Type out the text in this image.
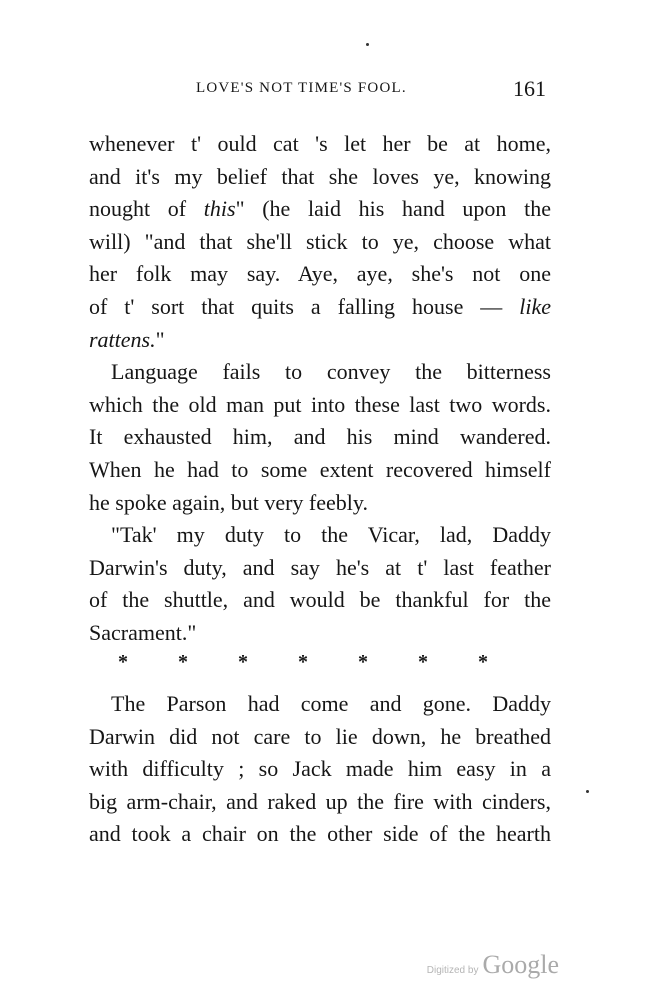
LOVE'S NOT TIME'S FOOL.	161
whenever t' ould cat 's let her be at home,
and it's my belief that she loves ye, knowing
nought of this" (he laid his hand upon the
will) "and that she'll stick to ye, choose what
her folk may say. Aye, aye, she's not one
of t' sort that quits a falling house — like
rattens."
Language fails to convey the bitterness
which the old man put into these last two words.
It exhausted him, and his mind wandered.
When he had to some extent recovered himself
he spoke again, but very feebly.
"Tak' my duty to the Vicar, lad, Daddy
Darwin's duty, and say he's at t' last feather
of the shuttle, and would be thankful for the
Sacrament."
*	*	*	*	*	*	*
The Parson had come and gone. Daddy
Darwin did not care to lie down, he breathed
with difficulty ; so Jack made him easy in a
big arm-chair, and raked up the fire with cinders,
and took a chair on the other side of the hearth
Digitized by Google
